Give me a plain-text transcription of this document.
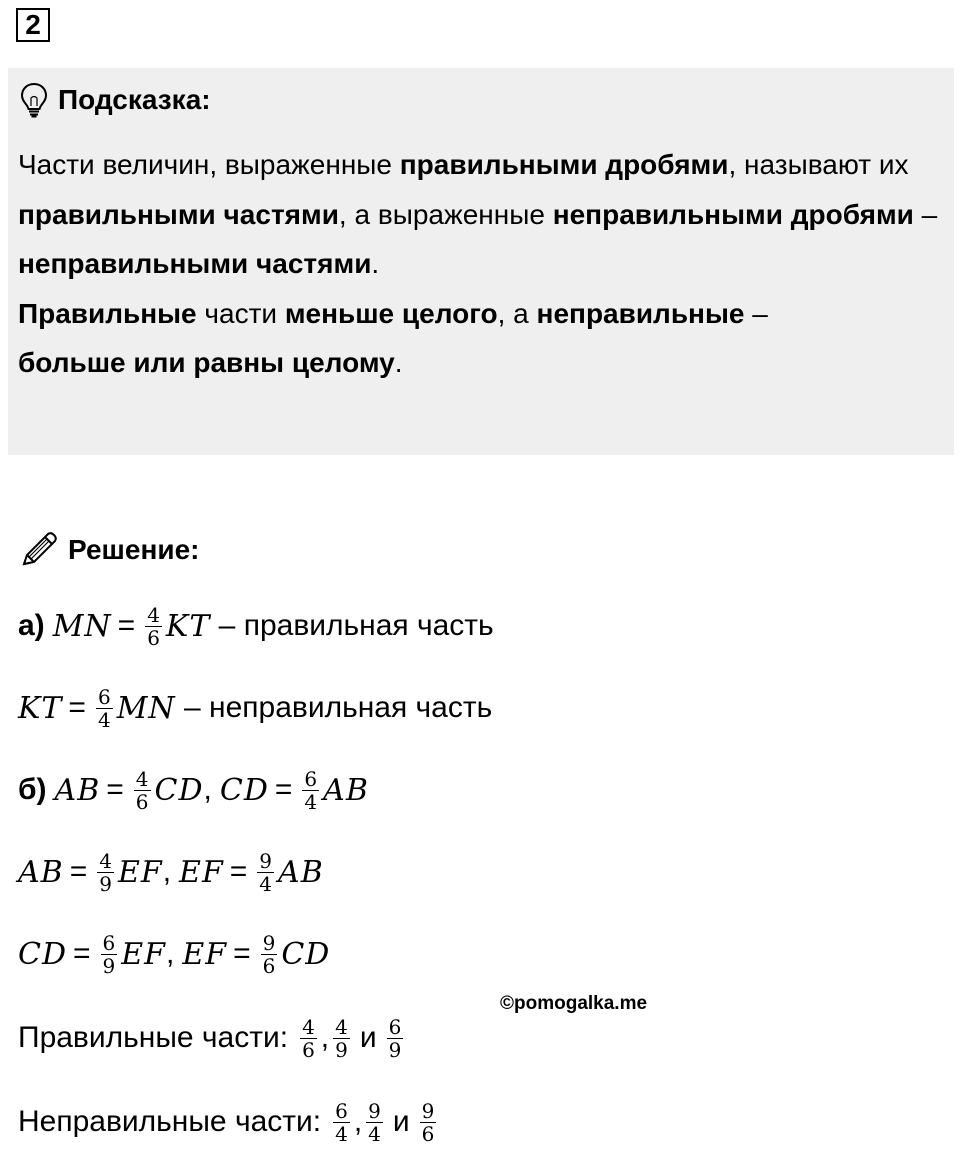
2
Подсказка:
Части величин, выраженные правильными дробями, называют их правильными частями, а выраженные неправильными дробями – неправильными частями.
Правильные части меньше целого, а неправильные –
больше или равны целому.
Решение:
а) MN = $\frac{4}{6}$ KT – правильная часть
KT = $\frac{6}{4}$ MN – неправильная часть
б) AB = $\frac{4}{6}$ CD , CD = $\frac{6}{4}$ AB
AB = $\frac{4}{9}$ EF , EF = $\frac{9}{4}$ AB
CD = $\frac{6}{9}$ EF , EF = $\frac{9}{6}$ CD
©pomogalka.me
Правильные части: $\frac{4}{6}$ , $\frac{4}{9}$ и $\frac{6}{9}$
Неправильные части: $\frac{6}{4}$ , $\frac{9}{4}$ и $\frac{9}{6}$
